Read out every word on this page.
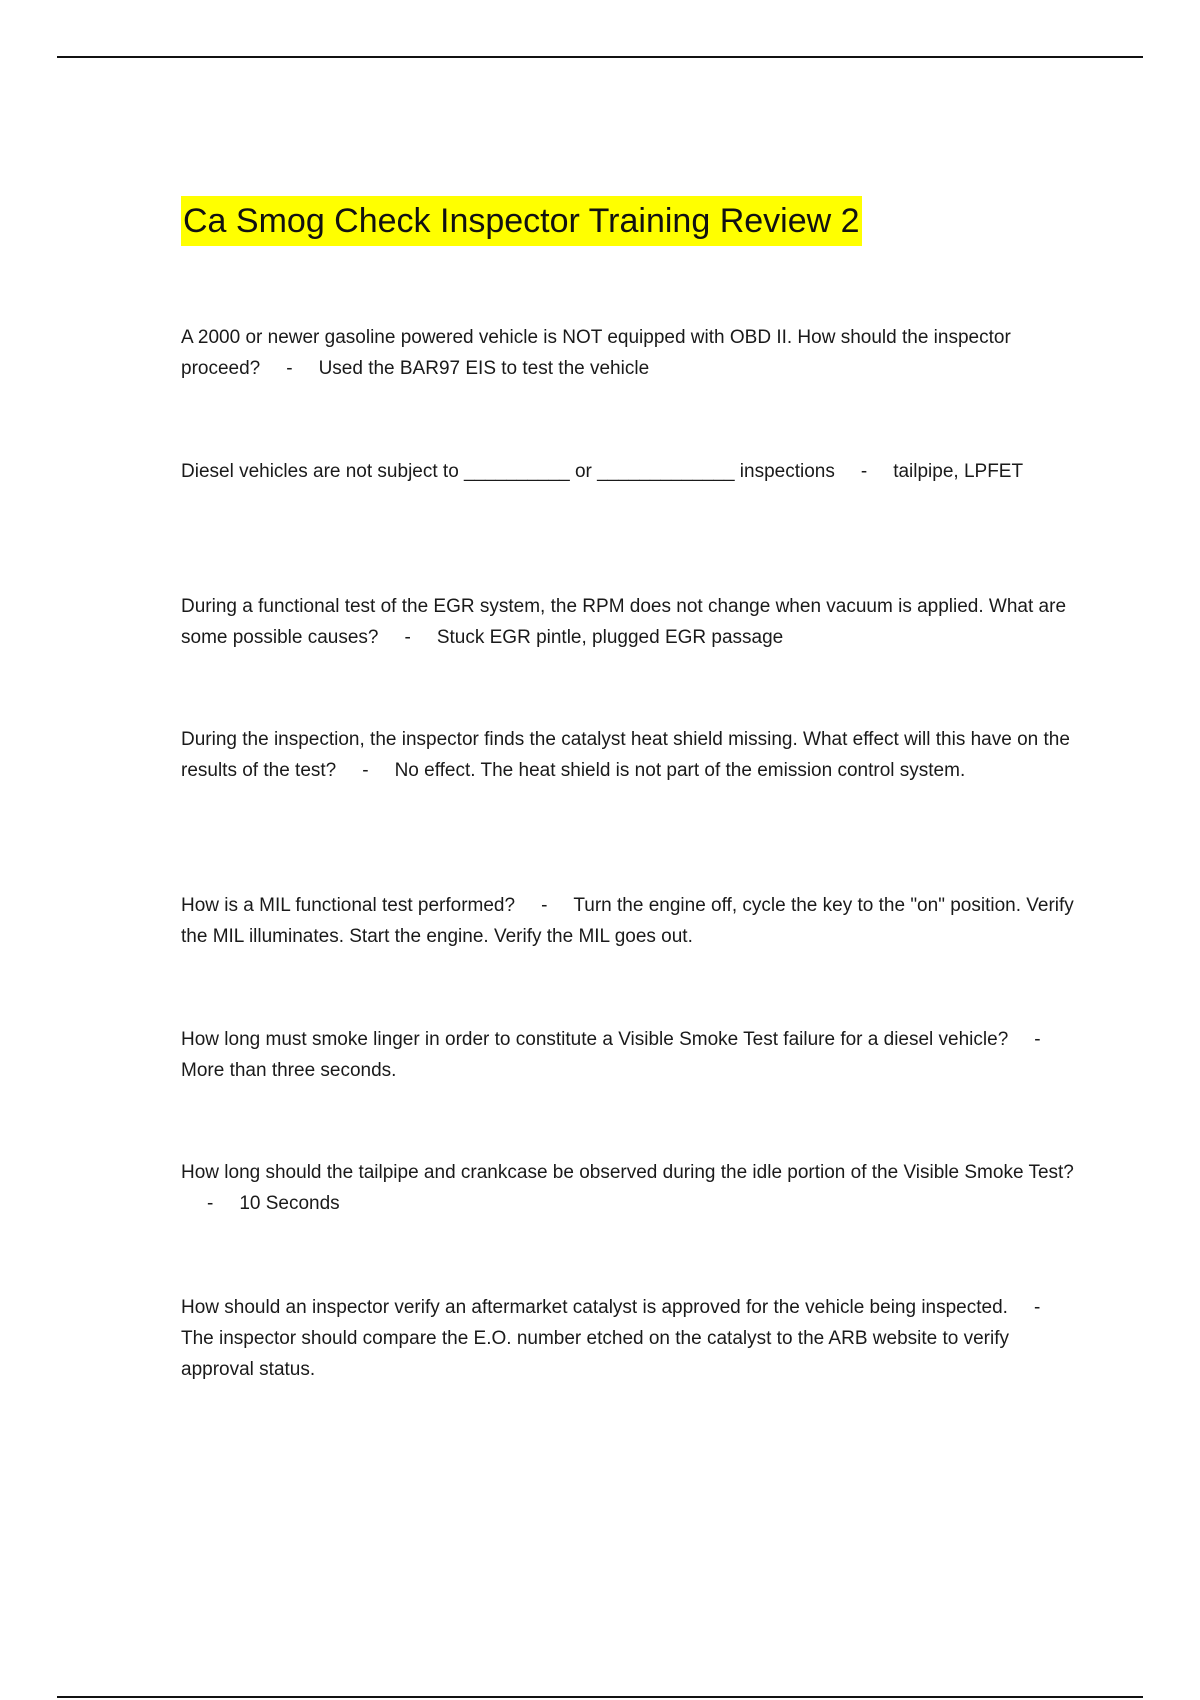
Ca Smog Check Inspector Training Review 2
A 2000 or newer gasoline powered vehicle is NOT equipped with OBD II. How should the inspector proceed? - Used the BAR97 EIS to test the vehicle
Diesel vehicles are not subject to __________ or _____________ inspections - tailpipe, LPFET
During a functional test of the EGR system, the RPM does not change when vacuum is applied. What are some possible causes? - Stuck EGR pintle, plugged EGR passage
During the inspection, the inspector finds the catalyst heat shield missing. What effect will this have on the results of the test? - No effect. The heat shield is not part of the emission control system.
How is a MIL functional test performed? - Turn the engine off, cycle the key to the "on" position. Verify the MIL illuminates. Start the engine. Verify the MIL goes out.
How long must smoke linger in order to constitute a Visible Smoke Test failure for a diesel vehicle? -More than three seconds.
How long should the tailpipe and crankcase be observed during the idle portion of the Visible Smoke Test?- 10 Seconds
How should an inspector verify an aftermarket catalyst is approved for the vehicle being inspected. -The inspector should compare the E.O. number etched on the catalyst to the ARB website to verify approval status.
